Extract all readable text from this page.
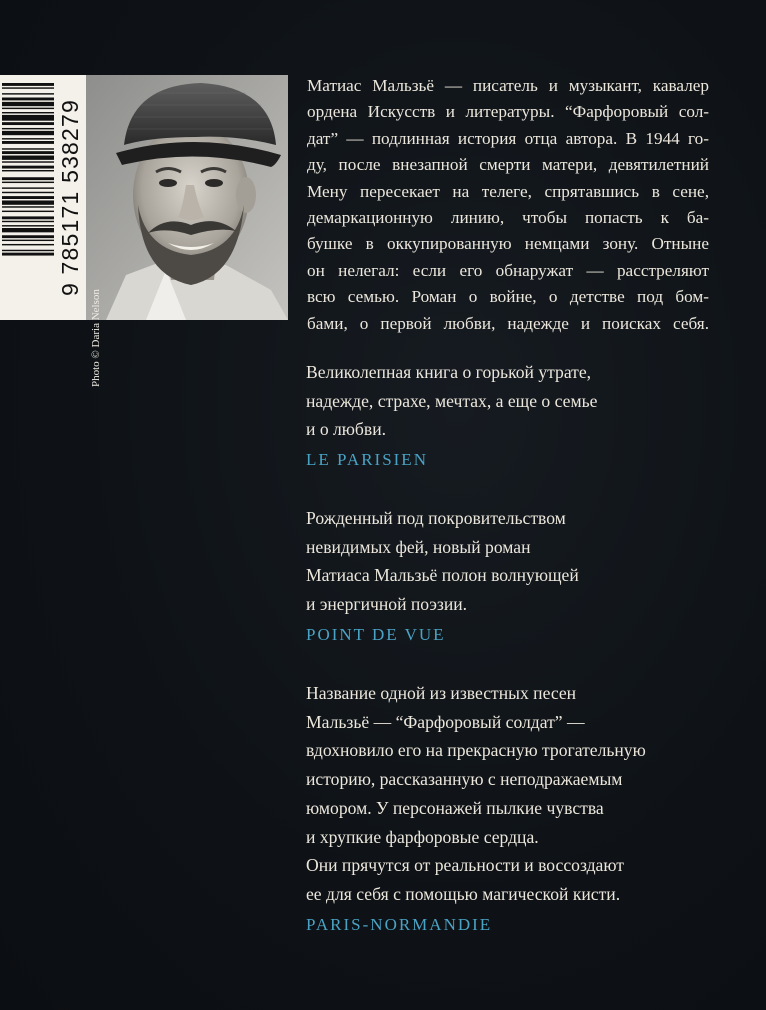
9 785171 538279
Photo © Daria Nelson
Матиас Мальзьё — писатель и музыкант, кавалер
ордена Искусств и литературы. “Фарфоровый сол-
дат” — подлинная история отца автора. В 1944 го-
ду, после внезапной смерти матери, девятилетний
Мену пересекает на телеге, спрятавшись в сене,
демаркационную линию, чтобы попасть к ба-
бушке в оккупированную немцами зону. Отныне
он нелегал: если его обнаружат — расстреляют
всю семью. Роман о войне, о детстве под бом-
бами, о первой любви, надежде и поисках себя.
Великолепная книга о горькой утрате,
надежде, страхе, мечтах, а еще о семье
и о любви.
LE PARISIEN
Рожденный под покровительством
невидимых фей, новый роман
Матиаса Мальзьё полон волнующей
и энергичной поэзии.
POINT DE VUE
Название одной из известных песен
Мальзьё — “Фарфоровый солдат” —
вдохновило его на прекрасную трогательную
историю, рассказанную с неподражаемым
юмором. У персонажей пылкие чувства
и хрупкие фарфоровые сердца.
Они прячутся от реальности и воссоздают
ее для себя с помощью магической кисти.
PARIS-NORMANDIE
